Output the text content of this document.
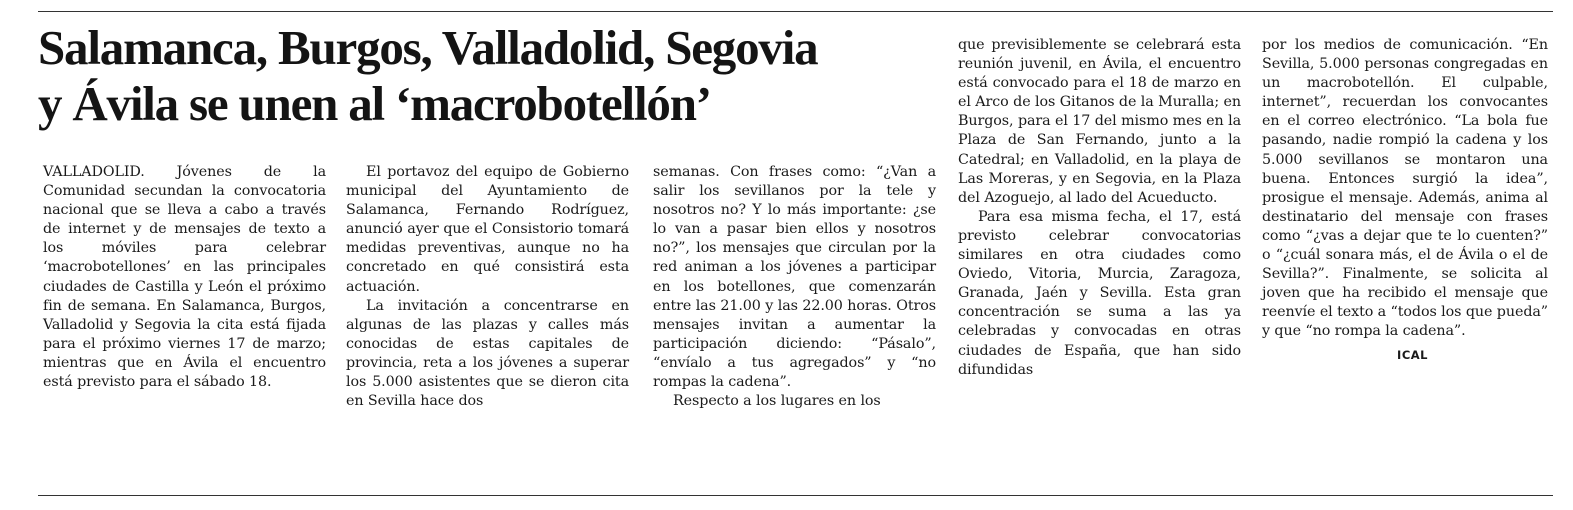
Salamanca, Burgos, Valladolid, Segovia
y Ávila se unen al ‘macrobotellón’

VALLADOLID. Jóvenes de la Comunidad secundan la convocatoria nacional que se lleva a cabo a través de internet y de mensajes de texto a los móviles para celebrar ‘macrobotellones’ en las principales ciudades de Castilla y León el próximo fin de semana. En Salamanca, Burgos, Valladolid y Segovia la cita está fijada para el próximo viernes 17 de marzo; mientras que en Ávila el encuentro está previsto para el sábado 18.

El portavoz del equipo de Gobierno municipal del Ayuntamiento de Salamanca, Fernando Rodríguez, anunció ayer que el Consistorio tomará medidas preventivas, aunque no ha concretado en qué consistirá esta actuación.

La invitación a concentrarse en algunas de las plazas y calles más conocidas de estas capitales de provincia, reta a los jóvenes a superar los 5.000 asistentes que se dieron cita en Sevilla hace dos

semanas. Con frases como: “¿Van a salir los sevillanos por la tele y nosotros no? Y lo más importante: ¿se lo van a pasar bien ellos y nosotros no?”, los mensajes que circulan por la red animan a los jóvenes a participar en los botellones, que comenzarán entre las 21.00 y las 22.00 horas. Otros mensajes invitan a aumentar la participación diciendo: “Pásalo”, “envíalo a tus agregados” y “no rompas la cadena”.

Respecto a los lugares en los

que previsiblemente se celebrará esta reunión juvenil, en Ávila, el encuentro está convocado para el 18 de marzo en el Arco de los Gitanos de la Muralla; en Burgos, para el 17 del mismo mes en la Plaza de San Fernando, junto a la Catedral; en Valladolid, en la playa de Las Moreras, y en Segovia, en la Plaza del Azoguejo, al lado del Acueducto.

Para esa misma fecha, el 17, está previsto celebrar convocatorias similares en otra ciudades como Oviedo, Vitoria, Murcia, Zaragoza, Granada, Jaén y Sevilla. Esta gran concentración se suma a las ya celebradas y convocadas en otras ciudades de España, que han sido difundidas

por los medios de comunicación. “En Sevilla, 5.000 personas congregadas en un macrobotellón. El culpable, internet”, recuerdan los convocantes en el correo electrónico. “La bola fue pasando, nadie rompió la cadena y los 5.000 sevillanos se montaron una buena. Entonces surgió la idea”, prosigue el mensaje. Además, anima al destinatario del mensaje con frases como “¿vas a dejar que te lo cuenten?” o “¿cuál sonara más, el de Ávila o el de Sevilla?”. Finalmente, se solicita al joven que ha recibido el mensaje que reenvíe el texto a “todos los que pueda” y que “no rompa la cadena”.

ICAL
